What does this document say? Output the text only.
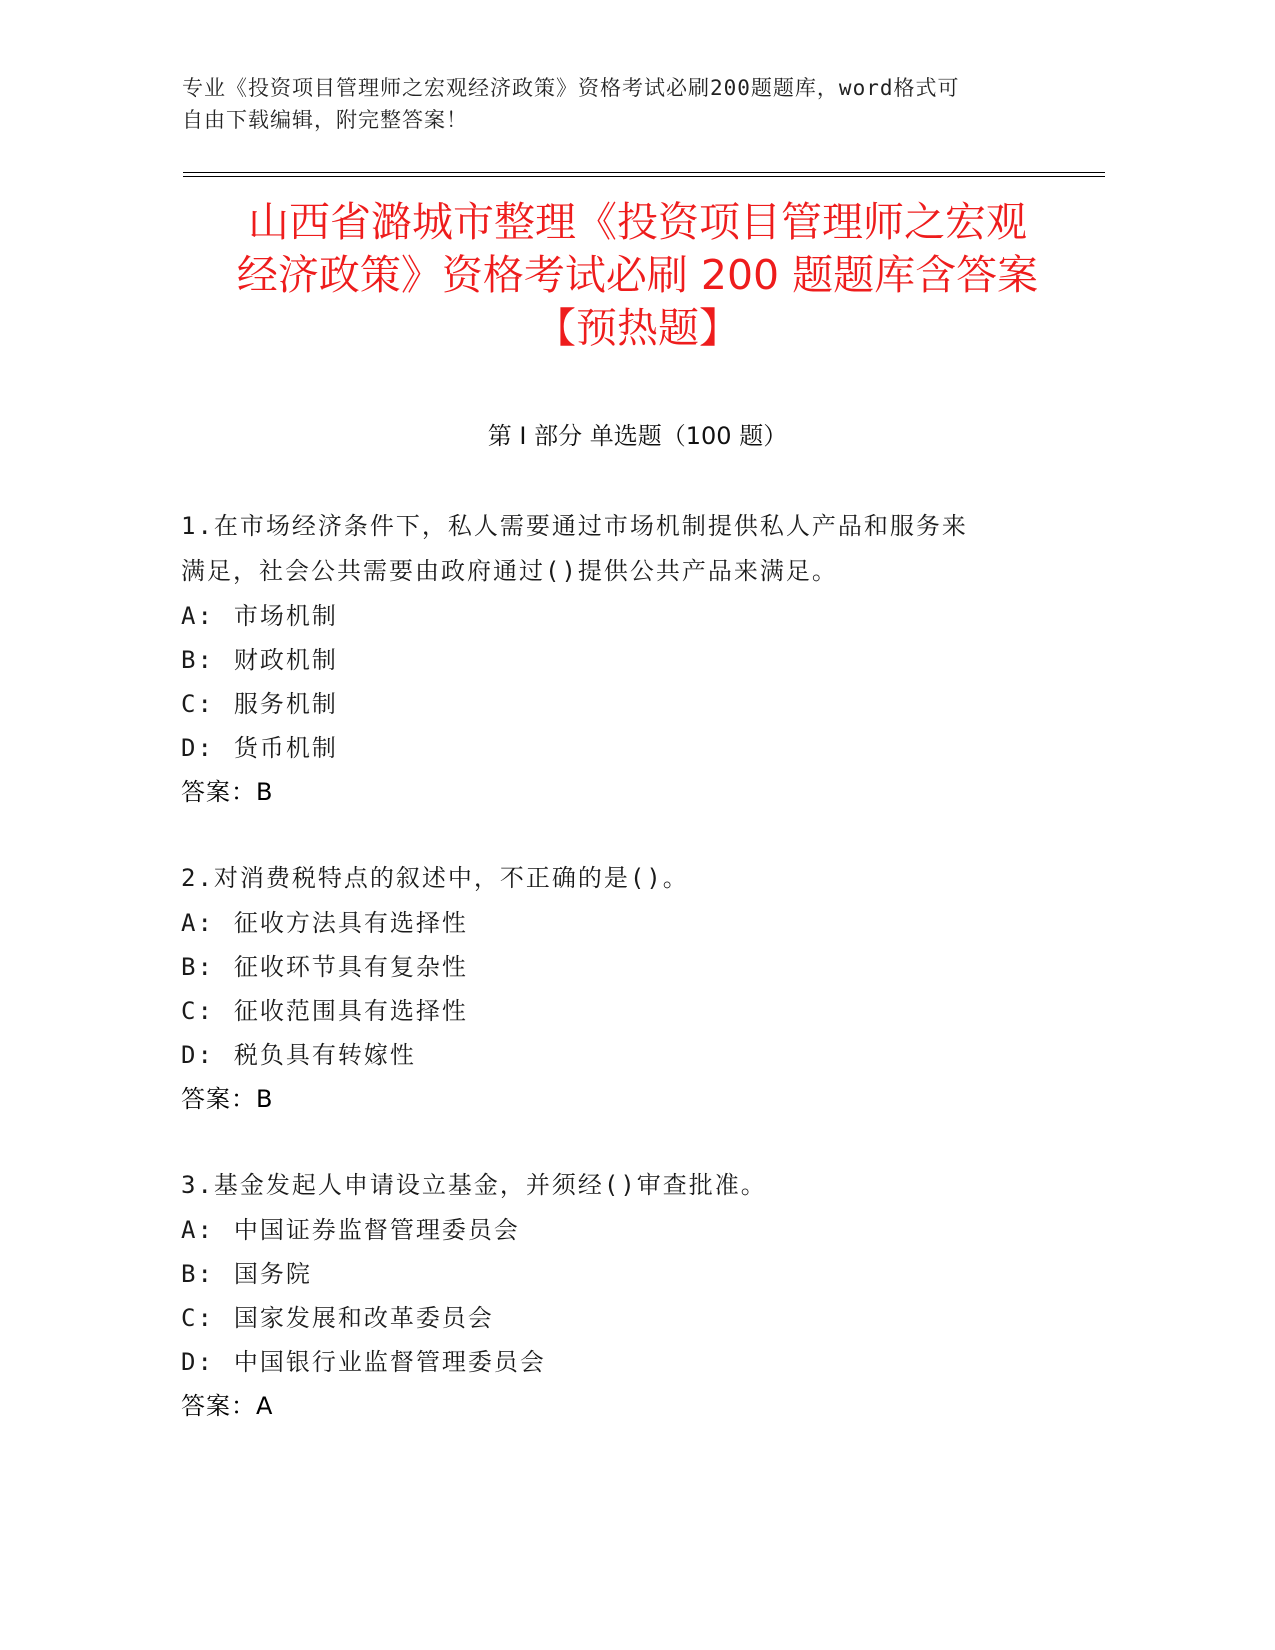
专业《投资项目管理师之宏观经济政策》资格考试必刷200题题库，word格式可
自由下载编辑，附完整答案！
山西省潞城市整理《投资项目管理师之宏观
经济政策》资格考试必刷 200 题题库含答案
【预热题】
第 I 部分 单选题（100 题）
1.在市场经济条件下，私人需要通过市场机制提供私人产品和服务来
满足，社会公共需要由政府通过()提供公共产品来满足。
A: 市场机制
B: 财政机制
C: 服务机制
D: 货币机制
答案：B
2.对消费税特点的叙述中，不正确的是()。
A: 征收方法具有选择性
B: 征收环节具有复杂性
C: 征收范围具有选择性
D: 税负具有转嫁性
答案：B
3.基金发起人申请设立基金，并须经()审查批准。
A: 中国证券监督管理委员会
B: 国务院
C: 国家发展和改革委员会
D: 中国银行业监督管理委员会
答案：A
